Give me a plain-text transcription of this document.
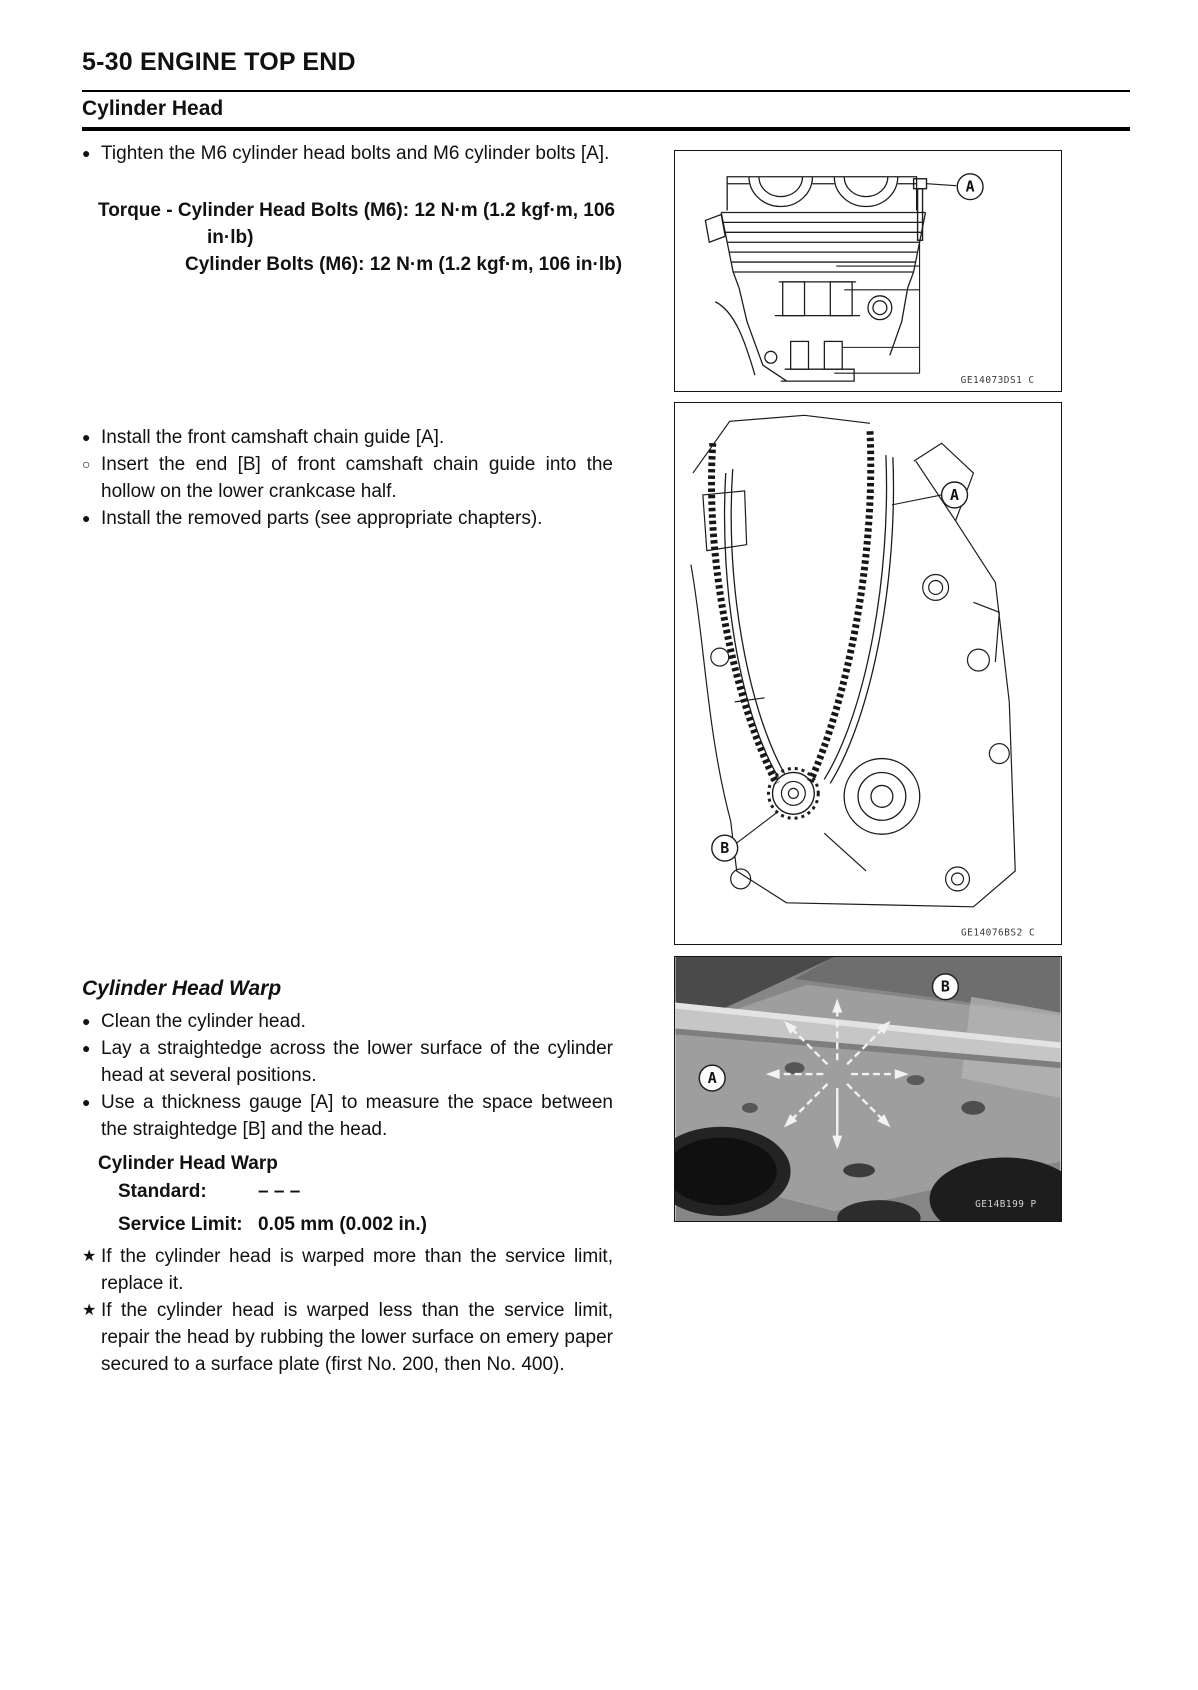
5-30 ENGINE TOP END
Cylinder Head
● Tighten the M6 cylinder head bolts and M6 cylinder bolts [A].
Torque - Cylinder Head Bolts (M6): 12 N·m (1.2 kgf·m, 106
in·lb)
Cylinder Bolts (M6): 12 N·m (1.2 kgf·m, 106 in·lb)
● Install the front camshaft chain guide [A].
○ Insert the end [B] of front camshaft chain guide into the hollow on the lower crankcase half.
● Install the removed parts (see appropriate chapters).
Cylinder Head Warp
● Clean the cylinder head.
● Lay a straightedge across the lower surface of the cylinder head at several positions.
● Use a thickness gauge [A] to measure the space between the straightedge [B] and the head.
Cylinder Head Warp
Standard:	– – –
Service Limit: 0.05 mm (0.002 in.)
★ If the cylinder head is warped more than the service limit, replace it.
★ If the cylinder head is warped less than the service limit, repair the head by rubbing the lower surface on emery paper secured to a surface plate (first No. 200, then No. 400).
A
GE14073DS1 C
A
B
GE14076BS2 C
A
B
GE14B199 P
